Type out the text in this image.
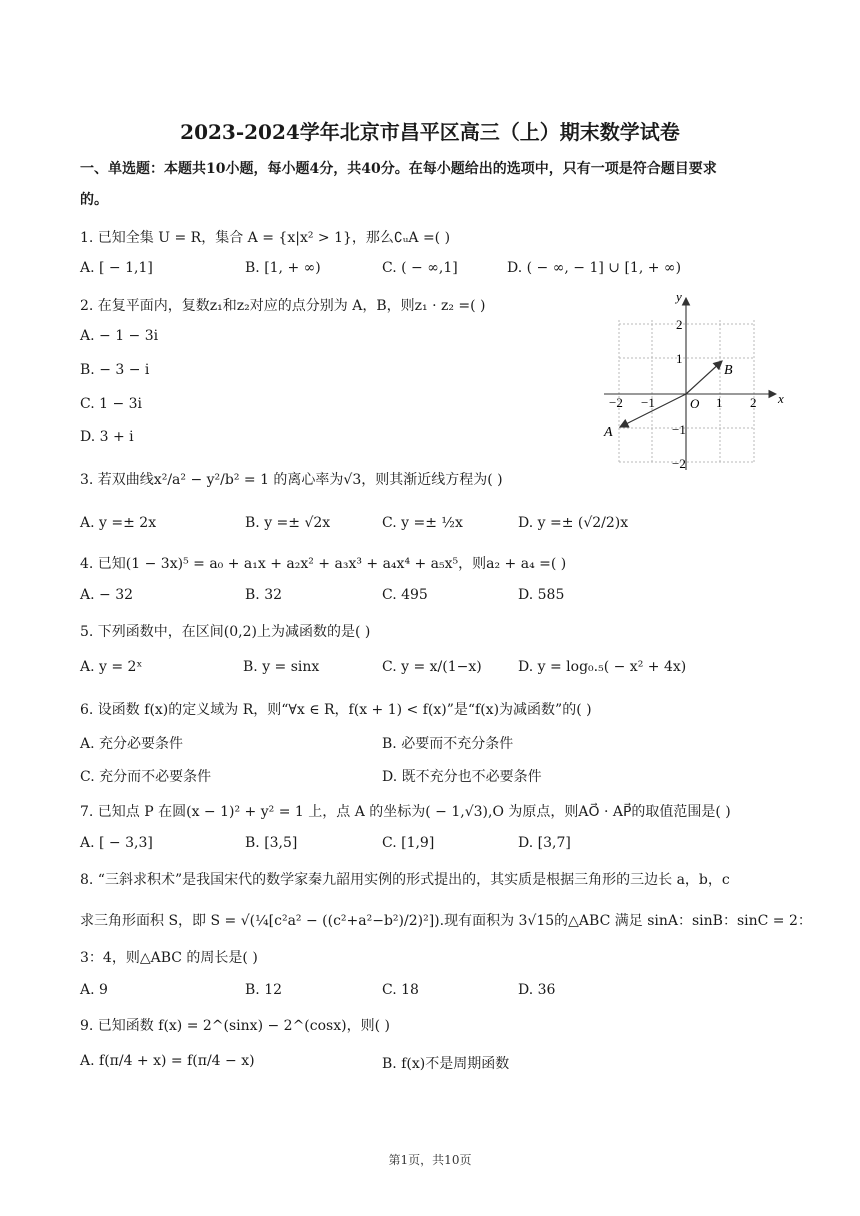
2023-2024学年北京市昌平区高三（上）期末数学试卷
一、单选题：本题共10小题，每小题4分，共40分。在每小题给出的选项中，只有一项是符合题目要求
的。
1. 已知全集 U = R，集合 A = {x|x² > 1}，那么∁ᵤA =( )
A. [ − 1,1]	B. [1, + ∞)	C. ( − ∞,1]	D. ( − ∞, − 1] ∪ [1, + ∞)
2. 在复平面内，复数z₁和z₂对应的点分别为 A，B，则z₁ · z₂ =( )
A. − 1 − 3i
B. − 3 − i
C. 1 − 3i
D. 3 + i
x
y
O
−2 −1	1 2
2
1
−1
−2
B
A
3. 若双曲线x²/a² − y²/b² = 1 的离心率为√3，则其渐近线方程为( )
A. y =± 2x	B. y =± √2x	C. y =± ½x	D. y =± (√2/2)x
4. 已知(1 − 3x)⁵ = a₀ + a₁x + a₂x² + a₃x³ + a₄x⁴ + a₅x⁵，则a₂ + a₄ =( )
A. − 32	B. 32	C. 495	D. 585
5. 下列函数中，在区间(0,2)上为减函数的是( )
A. y = 2ˣ	B. y = sinx	C. y = x/(1−x)	D. y = log₀.₅( − x² + 4x)
6. 设函数 f(x)的定义域为 R，则“∀x ∈ R，f(x + 1) < f(x)”是“f(x)为减函数”的( )
A. 充分必要条件	B. 必要而不充分条件
C. 充分而不必要条件	D. 既不充分也不必要条件
7. 已知点 P 在圆(x − 1)² + y² = 1 上，点 A 的坐标为( − 1,√3),O 为原点，则AO⃗ · AP⃗的取值范围是( )
A. [ − 3,3]	B. [3,5]	C. [1,9]	D. [3,7]
8. “三斜求积术”是我国宋代的数学家秦九韶用实例的形式提出的，其实质是根据三角形的三边长 a，b，c
求三角形面积 S，即 S = √(¼[c²a² − ((c²+a²−b²)/2)²]).现有面积为 3√15的△ABC 满足 sinA：sinB：sinC = 2：
3：4，则△ABC 的周长是( )
A. 9	B. 12	C. 18	D. 36
9. 已知函数 f(x) = 2^(sinx) − 2^(cosx)，则( )
A. f(π/4 + x) = f(π/4 − x)	B. f(x)不是周期函数
第1页，共10页
